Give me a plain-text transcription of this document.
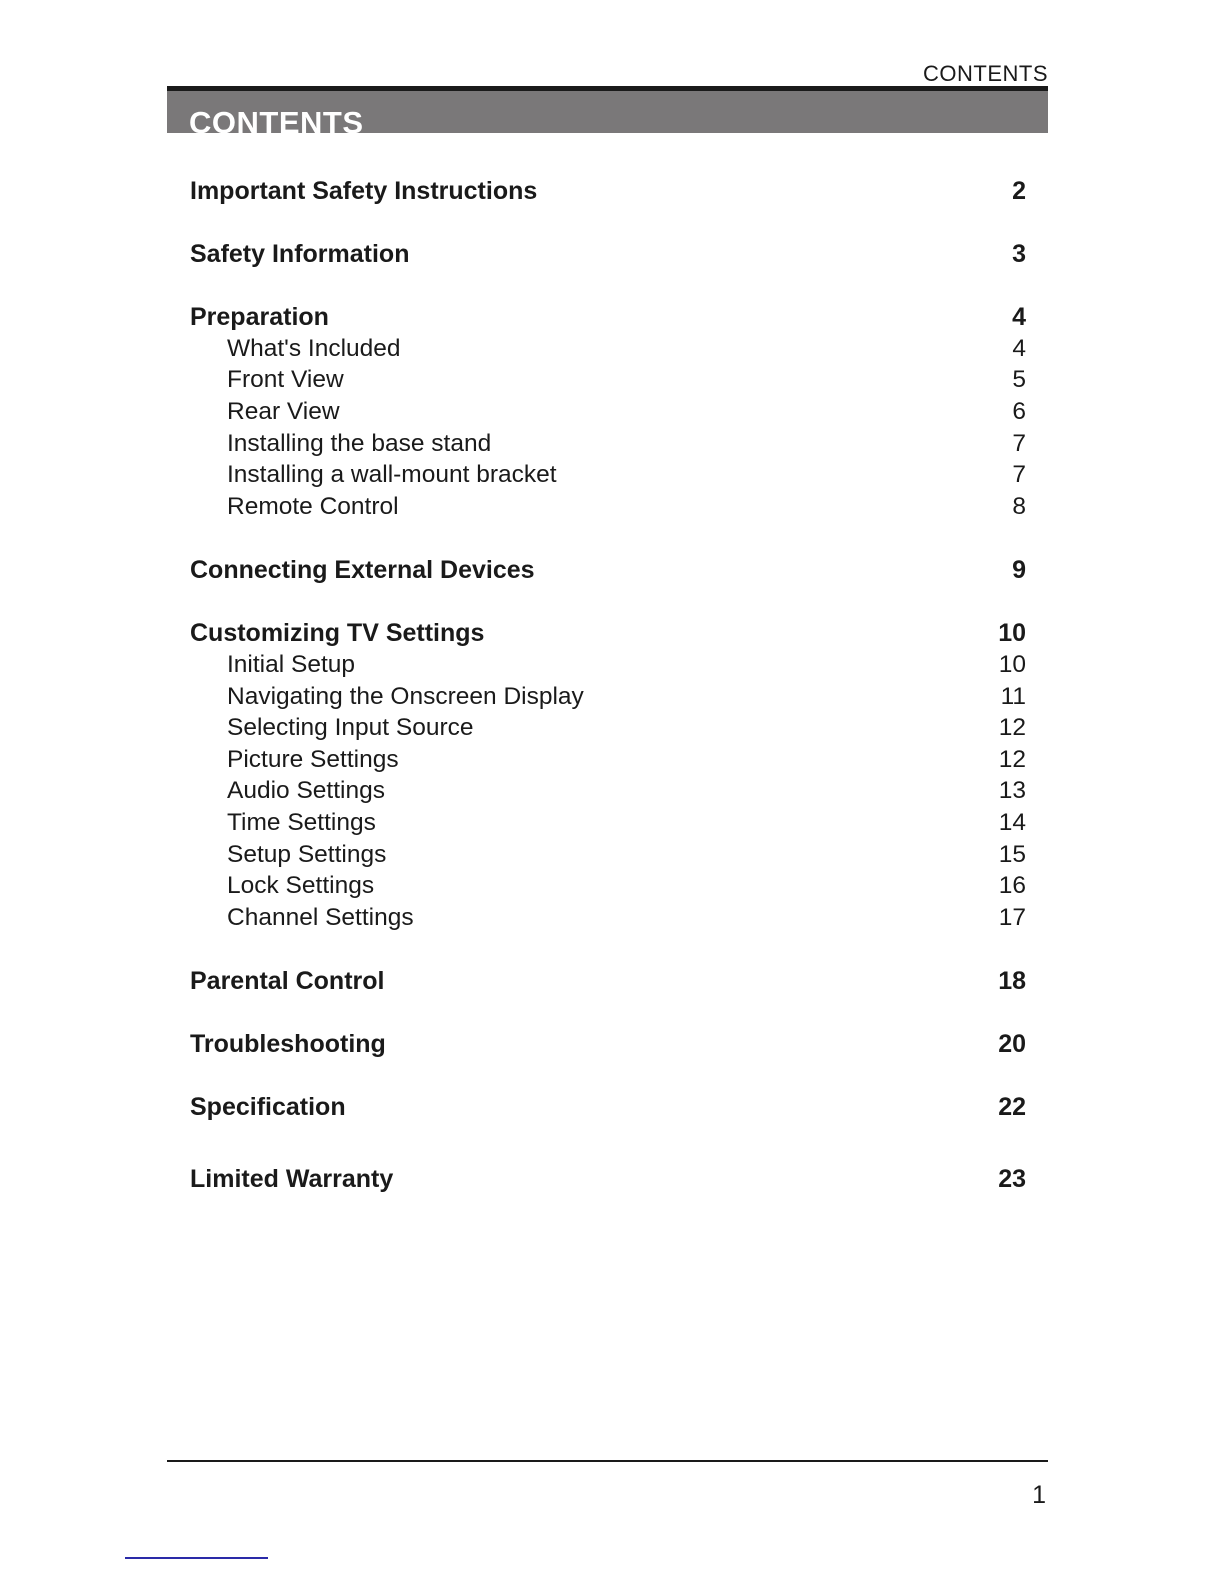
CONTENTS
CONTENTS
Important Safety Instructions	2
Safety Information	3
Preparation	4
What's Included	4
Front View	5
Rear View	6
Installing the base stand	7
Installing a wall-mount bracket	7
Remote Control	8
Connecting External Devices	9
Customizing TV Settings	10
Initial Setup	10
Navigating the Onscreen Display	11
Selecting Input Source	12
Picture Settings	12
Audio Settings	13
Time Settings	14
Setup Settings	15
Lock Settings	16
Channel Settings	17
Parental Control	18
Troubleshooting	20
Specification	22
Limited Warranty	23
1
